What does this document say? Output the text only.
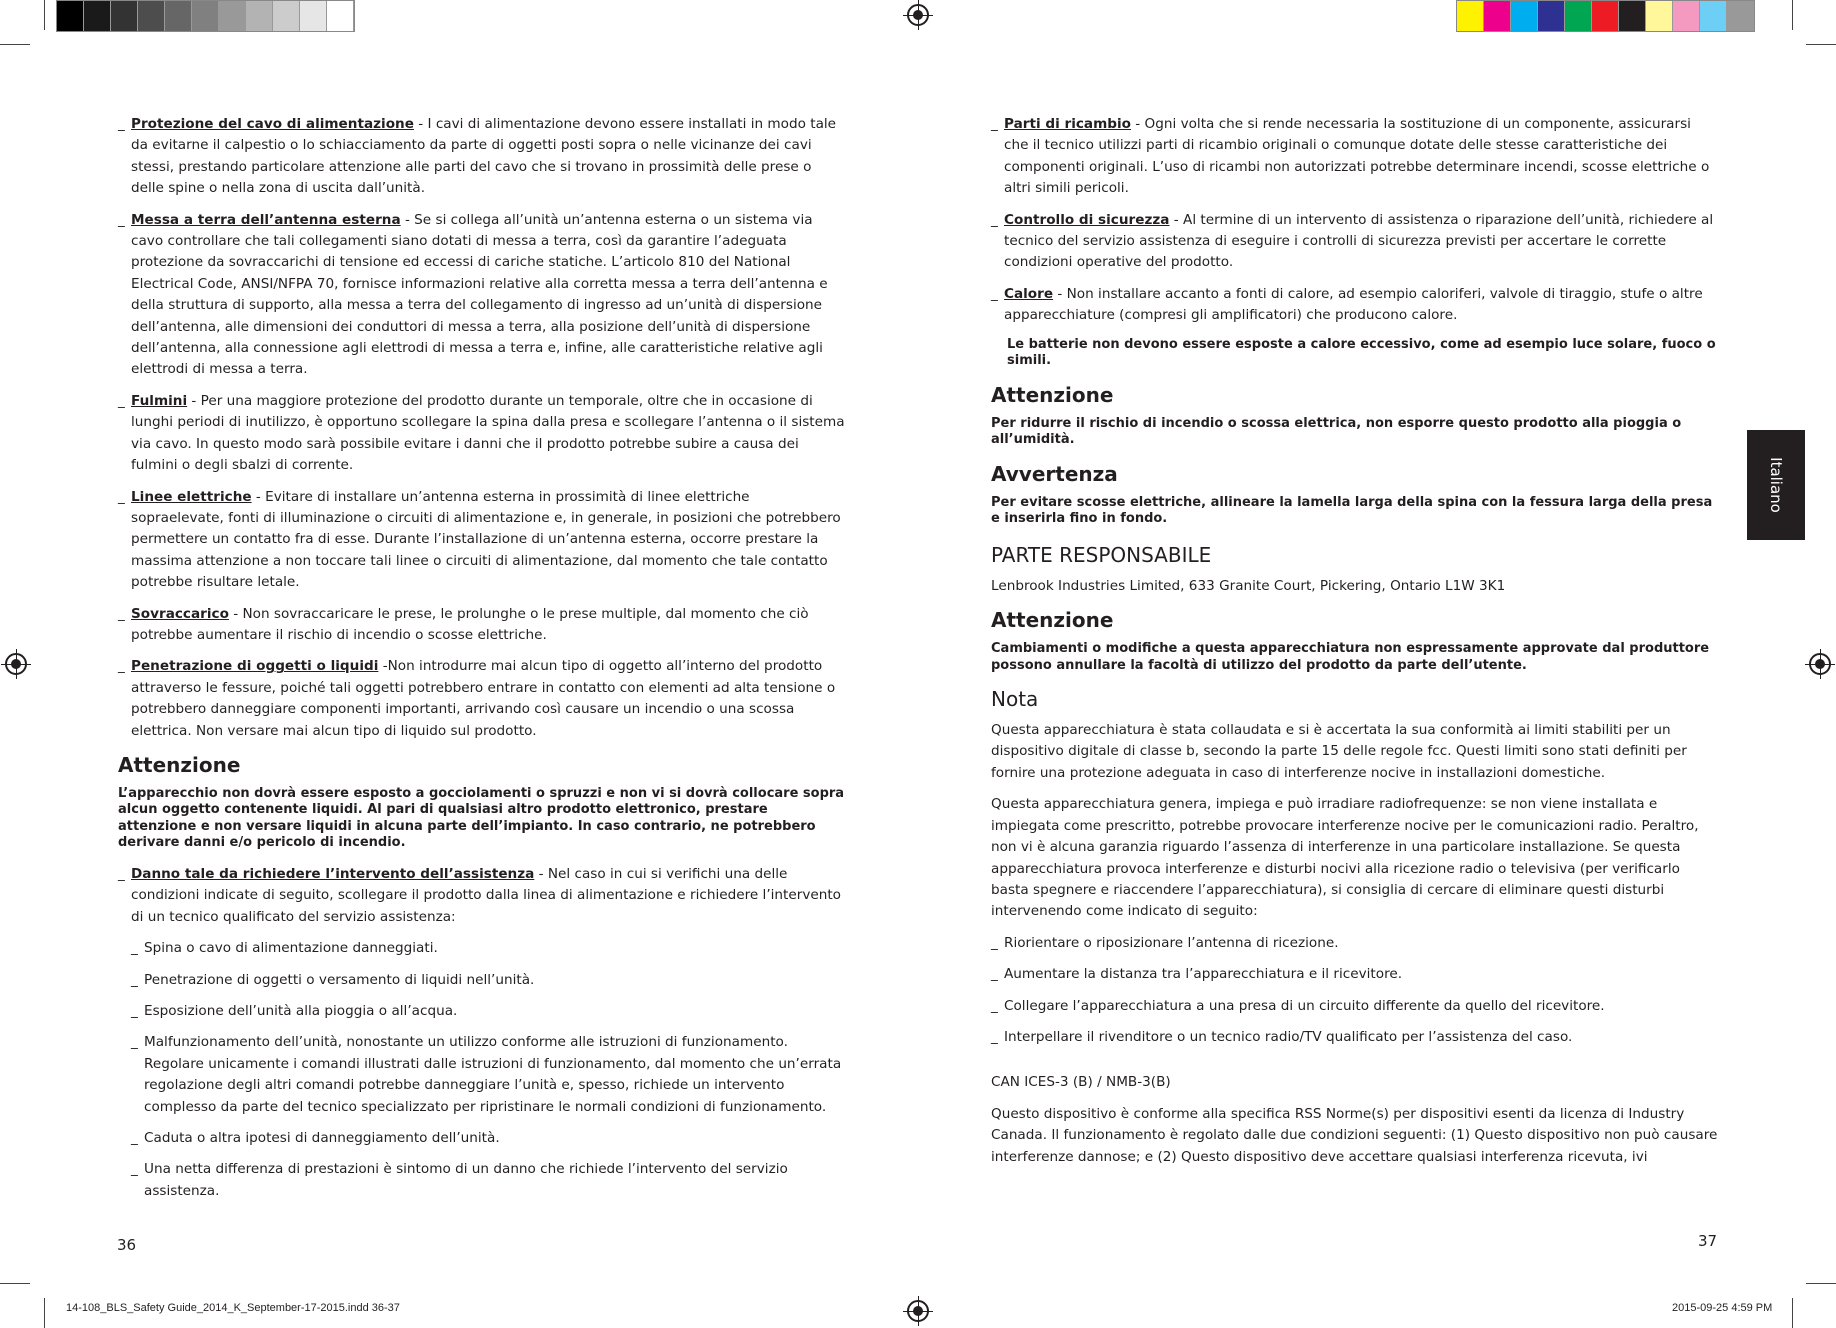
_ Protezione del cavo di alimentazione - I cavi di alimentazione devono essere installati in modo tale da evitarne il calpestio o lo schiacciamento da parte di oggetti posti sopra o nelle vicinanze dei cavi stessi, prestando particolare attenzione alle parti del cavo che si trovano in prossimità delle prese o delle spine o nella zona di uscita dall’unità.
_ Messa a terra dell’antenna esterna - Se si collega all’unità un’antenna esterna o un sistema via cavo controllare che tali collegamenti siano dotati di messa a terra, così da garantire l’adeguata protezione da sovraccarichi di tensione ed eccessi di cariche statiche. L’articolo 810 del National Electrical Code, ANSI/NFPA 70, fornisce informazioni relative alla corretta messa a terra dell’antenna e della struttura di supporto, alla messa a terra del collegamento di ingresso ad un’unità di dispersione dell’antenna, alle dimensioni dei conduttori di messa a terra, alla posizione dell’unità di dispersione dell’antenna, alla connessione agli elettrodi di messa a terra e, infine, alle caratteristiche relative agli elettrodi di messa a terra.
_ Fulmini - Per una maggiore protezione del prodotto durante un temporale, oltre che in occasione di lunghi periodi di inutilizzo, è opportuno scollegare la spina dalla presa e scollegare l’antenna o il sistema via cavo. In questo modo sarà possibile evitare i danni che il prodotto potrebbe subire a causa dei fulmini o degli sbalzi di corrente.
_ Linee elettriche - Evitare di installare un’antenna esterna in prossimità di linee elettriche sopraelevate, fonti di illuminazione o circuiti di alimentazione e, in generale, in posizioni che potrebbero permettere un contatto fra di esse. Durante l’installazione di un’antenna esterna, occorre prestare la massima attenzione a non toccare tali linee o circuiti di alimentazione, dal momento che tale contatto potrebbe risultare letale.
_ Sovraccarico - Non sovraccaricare le prese, le prolunghe o le prese multiple, dal momento che ciò potrebbe aumentare il rischio di incendio o scosse elettriche.
_ Penetrazione di oggetti o liquidi -Non introdurre mai alcun tipo di oggetto all’interno del prodotto attraverso le fessure, poiché tali oggetti potrebbero entrare in contatto con elementi ad alta tensione o potrebbero danneggiare componenti importanti, arrivando così causare un incendio o una scossa elettrica. Non versare mai alcun tipo di liquido sul prodotto.
Attenzione

L’apparecchio non dovrà essere esposto a gocciolamenti o spruzzi e non vi si dovrà collocare sopra alcun oggetto contenente liquidi. Al pari di qualsiasi altro prodotto elettronico, prestare attenzione e non versare liquidi in alcuna parte dell’impianto. In caso contrario, ne potrebbero derivare danni e/o pericolo di incendio.

_ Danno tale da richiedere l’intervento dell’assistenza - Nel caso in cui si verifichi una delle condizioni indicate di seguito, scollegare il prodotto dalla linea di alimentazione e richiedere l’intervento di un tecnico qualificato del servizio assistenza:
_ Spina o cavo di alimentazione danneggiati.
_ Penetrazione di oggetti o versamento di liquidi nell’unità.
_ Esposizione dell’unità alla pioggia o all’acqua.
_ Malfunzionamento dell’unità, nonostante un utilizzo conforme alle istruzioni di funzionamento. Regolare unicamente i comandi illustrati dalle istruzioni di funzionamento, dal momento che un’errata regolazione degli altri comandi potrebbe danneggiare l’unità e, spesso, richiede un intervento complesso da parte del tecnico specializzato per ripristinare le normali condizioni di funzionamento.
_ Caduta o altra ipotesi di danneggiamento dell’unità.
_ Una netta differenza di prestazioni è sintomo di un danno che richiede l’intervento del servizio assistenza.
36
_ Parti di ricambio - Ogni volta che si rende necessaria la sostituzione di un componente, assicurarsi che il tecnico utilizzi parti di ricambio originali o comunque dotate delle stesse caratteristiche dei componenti originali. L’uso di ricambi non autorizzati potrebbe determinare incendi, scosse elettriche o altri simili pericoli.
_ Controllo di sicurezza - Al termine di un intervento di assistenza o riparazione dell’unità, richiedere al tecnico del servizio assistenza di eseguire i controlli di sicurezza previsti per accertare le corrette condizioni operative del prodotto.
_ Calore - Non installare accanto a fonti di calore, ad esempio caloriferi, valvole di tiraggio, stufe o altre apparecchiature (compresi gli amplificatori) che producono calore.

Le batterie non devono essere esposte a calore eccessivo, come ad esempio luce solare, fuoco o simili.

Attenzione

Per ridurre il rischio di incendio o scossa elettrica, non esporre questo prodotto alla pioggia o all’umidità.

Avvertenza

Per evitare scosse elettriche, allineare la lamella larga della spina con la fessura larga della presa e inserirla fino in fondo.

PARTE RESPONSABILE

Lenbrook Industries Limited, 633 Granite Court, Pickering, Ontario L1W 3K1

Attenzione

Cambiamenti o modifiche a questa apparecchiatura non espressamente approvate dal produttore possono annullare la facoltà di utilizzo del prodotto da parte dell’utente.

Nota

Questa apparecchiatura è stata collaudata e si è accertata la sua conformità ai limiti stabiliti per un dispositivo digitale di classe b, secondo la parte 15 delle regole fcc. Questi limiti sono stati definiti per fornire una protezione adeguata in caso di interferenze nocive in installazioni domestiche.

Questa apparecchiatura genera, impiega e può irradiare radiofrequenze: se non viene installata e impiegata come prescritto, potrebbe provocare interferenze nocive per le comunicazioni radio. Peraltro, non vi è alcuna garanzia riguardo l’assenza di interferenze in una particolare installazione. Se questa apparecchiatura provoca interferenze e disturbi nocivi alla ricezione radio o televisiva (per verificarlo basta spegnere e riaccendere l’apparecchiatura), si consiglia di cercare di eliminare questi disturbi intervenendo come indicato di seguito:

_ Riorientare o riposizionare l’antenna di ricezione.
_ Aumentare la distanza tra l’apparecchiatura e il ricevitore.
_ Collegare l’apparecchiatura a una presa di un circuito differente da quello del ricevitore.
_ Interpellare il rivenditore o un tecnico radio/TV qualificato per l’assistenza del caso.

CAN ICES-3 (B) / NMB-3(B)

Questo dispositivo è conforme alla specifica RSS Norme(s) per dispositivi esenti da licenza di Industry Canada. Il funzionamento è regolato dalle due condizioni seguenti: (1) Questo dispositivo non può causare interferenze dannose; e (2) Questo dispositivo deve accettare qualsiasi interferenza ricevuta, ivi

37
Italiano
14-108_BLS_Safety Guide_2014_K_September-17-2015.indd 36-37	2015-09-25 4:59 PM
